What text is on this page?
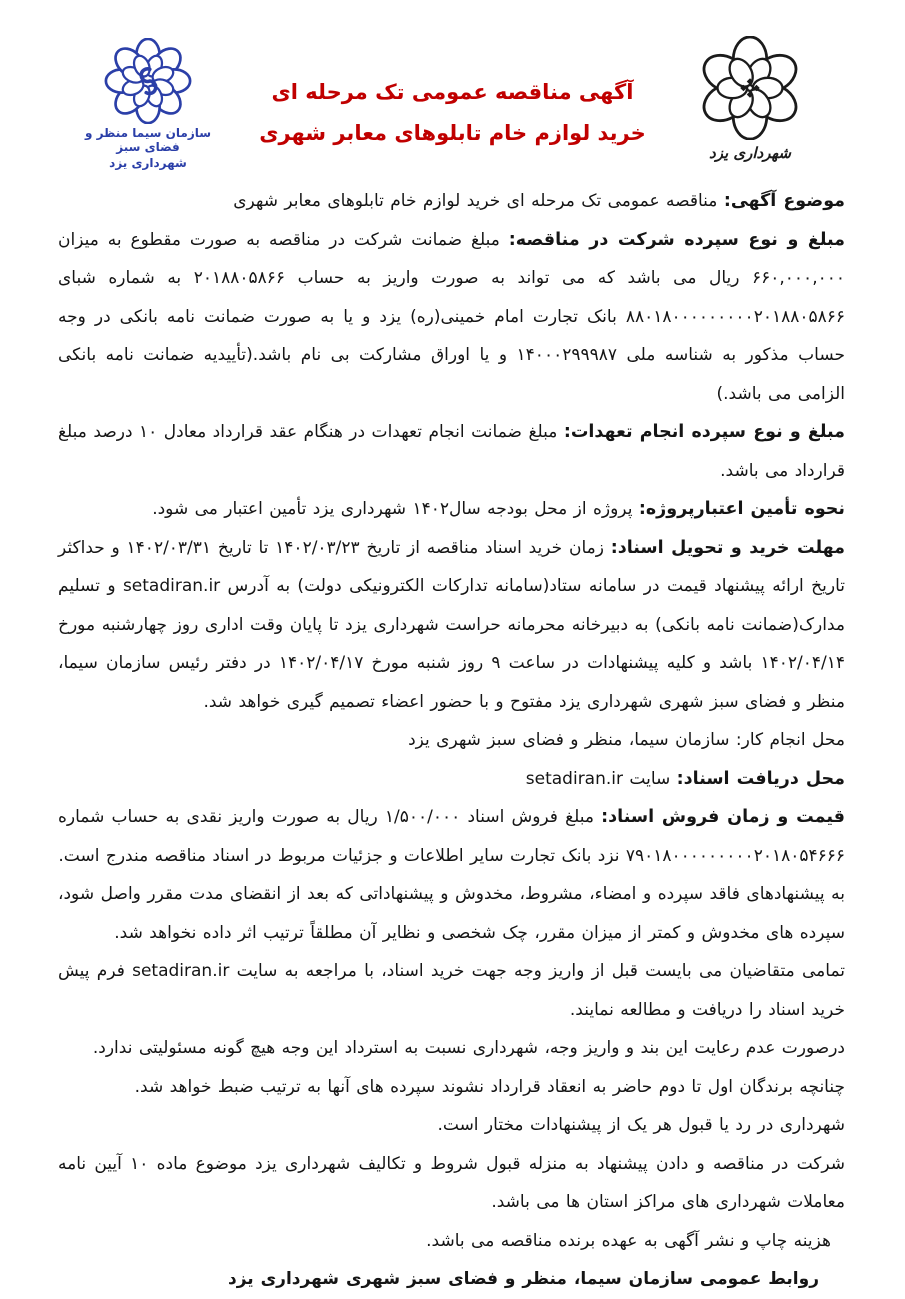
شهرداری یزد
سازمان سیما منظر و فضای سبز
شهرداری یزد
آگهی مناقصه عمومی تک مرحله ای
خرید لوازم خام تابلوهای معابر شهری

موضوع آگهی: مناقصه عمومی تک مرحله ای خرید لوازم خام تابلوهای معابر شهری

مبلغ و نوع سپرده شرکت در مناقصه: مبلغ ضمانت شرکت در مناقصه به صورت مقطوع به میزان ۶۶۰,۰۰۰,۰۰۰ ریال می باشد که می تواند به صورت واریز به حساب ۲۰۱۸۸۰۵۸۶۶ به شماره شبای ۸۸۰۱۸۰۰۰۰۰۰۰۰۰۲۰۱۸۸۰۵۸۶۶ بانک تجارت امام خمینی(ره) یزد و یا به صورت ضمانت نامه بانکی در وجه حساب مذکور به شناسه ملی ۱۴۰۰۰۲۹۹۹۸۷ و یا اوراق مشارکت بی نام باشد.(تأییدیه ضمانت نامه بانکی الزامی می باشد.)

مبلغ و نوع سپرده انجام تعهدات: مبلغ ضمانت انجام تعهدات در هنگام عقد قرارداد معادل ۱۰ درصد مبلغ قرارداد می باشد.

نحوه تأمین اعتبارپروژه: پروژه از محل بودجه سال۱۴۰۲ شهرداری یزد تأمین اعتبار می شود.

مهلت خرید و تحویل اسناد: زمان خرید اسناد مناقصه از تاریخ ۱۴۰۲/۰۳/۲۳ تا تاریخ ۱۴۰۲/۰۳/۳۱ و حداکثر تاریخ ارائه پیشنهاد قیمت در سامانه ستاد(سامانه تدارکات الکترونیکی دولت) به آدرس setadiran.ir و تسلیم مدارک(ضمانت نامه بانکی) به دبیرخانه محرمانه حراست شهرداری یزد تا پایان وقت اداری روز چهارشنبه مورخ ۱۴۰۲/۰۴/۱۴ باشد و کلیه پیشنهادات در ساعت ۹ روز شنبه مورخ ۱۴۰۲/۰۴/۱۷ در دفتر رئیس سازمان سیما، منظر و فضای سبز شهری شهرداری یزد مفتوح و با حضور اعضاء تصمیم گیری خواهد شد.

محل انجام کار: سازمان سیما، منظر و فضای سبز شهری یزد

محل دریافت اسناد: سایت setadiran.ir

قیمت و زمان فروش اسناد: مبلغ فروش اسناد ۱/۵۰۰/۰۰۰ ریال به صورت واریز نقدی به حساب شماره ۷۹۰۱۸۰۰۰۰۰۰۰۰۰۲۰۱۸۰۵۴۶۶۶ نزد بانک تجارت سایر اطلاعات و جزئیات مربوط در اسناد مناقصه مندرج است.

به پیشنهادهای فاقد سپرده و امضاء، مشروط، مخدوش و پیشنهاداتی که بعد از انقضای مدت مقرر واصل شود، سپرده های مخدوش و کمتر از میزان مقرر، چک شخصی و نظایر آن مطلقاً ترتیب اثر داده نخواهد شد.

تمامی متقاضیان می بایست قبل از واریز وجه جهت خرید اسناد، با مراجعه به سایت setadiran.ir فرم پیش خرید اسناد را دریافت و مطالعه نمایند.

درصورت عدم رعایت این بند و واریز وجه، شهرداری نسبت به استرداد این وجه هیچ گونه مسئولیتی ندارد.

چنانچه برندگان اول تا دوم حاضر به انعقاد قرارداد نشوند سپرده های آنها به ترتیب ضبط خواهد شد.

شهرداری در رد یا قبول هر یک از پیشنهادات مختار است.

شرکت در مناقصه و دادن پیشنهاد به منزله قبول شروط و تکالیف شهرداری یزد موضوع ماده ۱۰ آیین نامه معاملات شهرداری های مراکز استان ها می باشد.

هزینه چاپ و نشر آگهی به عهده برنده مناقصه می باشد.

روابط عمومی سازمان سیما، منظر و فضای سبز شهری شهرداری یزد
